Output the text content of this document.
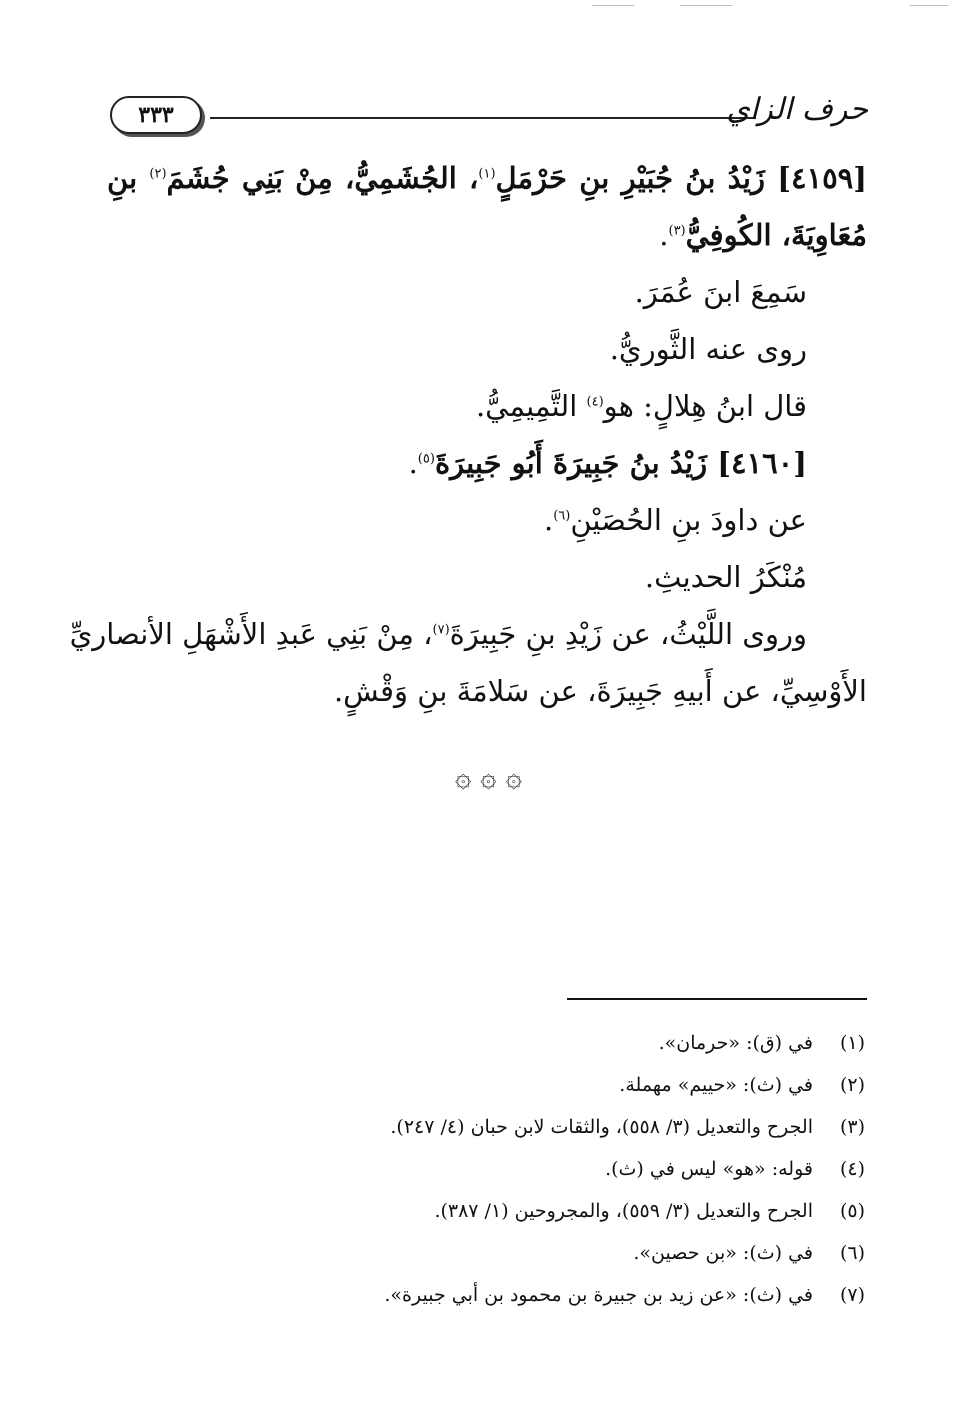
٣٣٣	حرف الزاي
[٤١٥٩] زَيْدُ بنُ جُبَيْرِ بنِ حَرْمَلٍ$^{(١)}$، الجُشَمِيُّ، مِنْ بَنِي جُشَمَ$^{(٢)}$ بنِ
مُعَاوِيَةَ، الكُوفِيُّ$^{(٣)}$.
سَمِعَ ابنَ عُمَرَ.
روى عنه الثَّوريُّ.
قال ابنُ هِلالٍ: هو$^{(٤)}$ التَّمِيمِيُّ.
[٤١٦٠] زَيْدُ بنُ جَبِيرَةَ أَبُو جَبِيرَةَ$^{(٥)}$.
عن داودَ بنِ الحُصَيْنِ$^{(٦)}$.
مُنْكَرُ الحديثِ.
وروى اللَّيْثُ، عن زَيْدِ بنِ جَبِيرَةَ$^{(٧)}$، مِنْ بَنِي عَبدِ الأَشْهَلِ الأنصاريِّ
الأَوْسِيِّ، عن أَبيهِ جَبِيرَةَ، عن سَلامَةَ بنِ وَقْشٍ.
۞ ۞ ۞
(١)في (ق): «حرمان».
(٢)في (ث): «حييم» مهملة.
(٣)الجرح والتعديل (٣/ ٥٥٨)، والثقات لابن حبان (٤/ ٢٤٧).
(٤)قوله: «هو» ليس في (ث).
(٥)الجرح والتعديل (٣/ ٥٥٩)، والمجروحين (١/ ٣٨٧).
(٦)في (ث): «بن حصين».
(٧)في (ث): «عن زيد بن جبيرة بن محمود بن أبي جبيرة».
